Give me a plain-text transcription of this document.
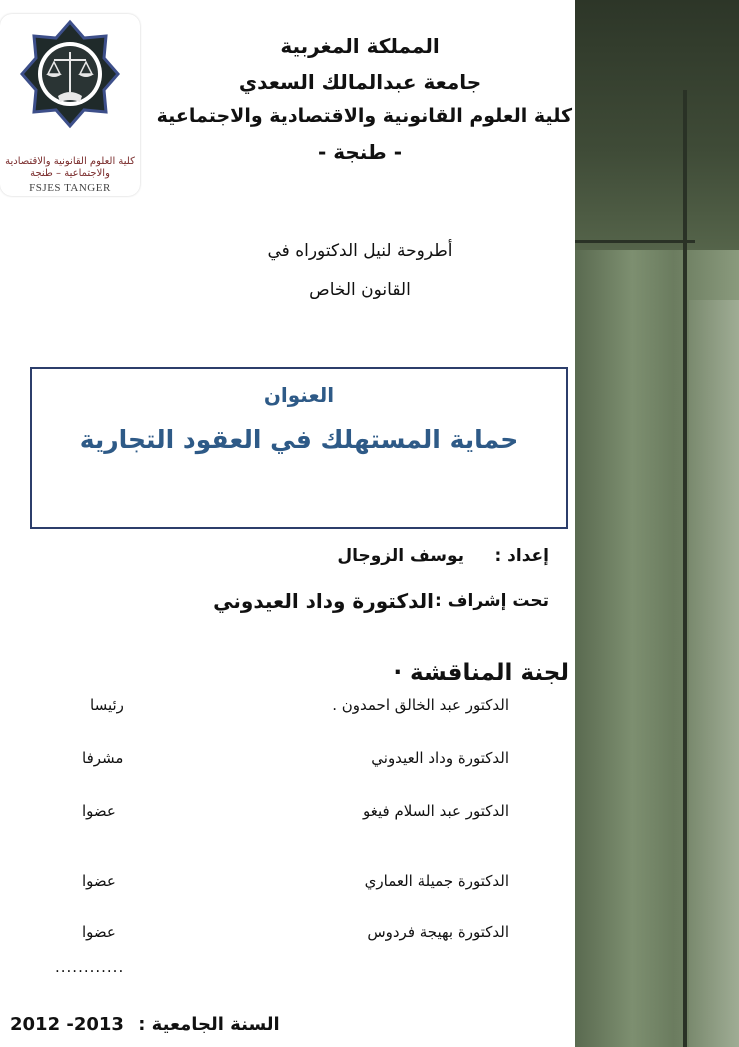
كلية العلوم القانونية والاقتصادية
والاجتماعية – طنجة
FSJES TANGER
المملكة المغربية
جامعة عبدالمالك السعدي
كلية العلوم القانونية والاقتصادية والاجتماعية
- طنجة -
أطروحة لنيل الدكتوراه في
القانون الخاص
العنوان
حماية المستهلك في العقود التجارية
إعداد :
يوسف الزوجال
تحت إشراف :
الدكتورة وداد العيدوني
لجنة المناقشة ·
الدكتور عبد الخالق احمدون .
رئيسا
الدكتورة وداد العيدوني
مشرفا
الدكتور عبد السلام فيغو
عضوا
الدكتورة جميلة العماري
عضوا
الدكتورة بهيجة فردوس
عضوا
............
2012 -2013 السنة الجامعية :
